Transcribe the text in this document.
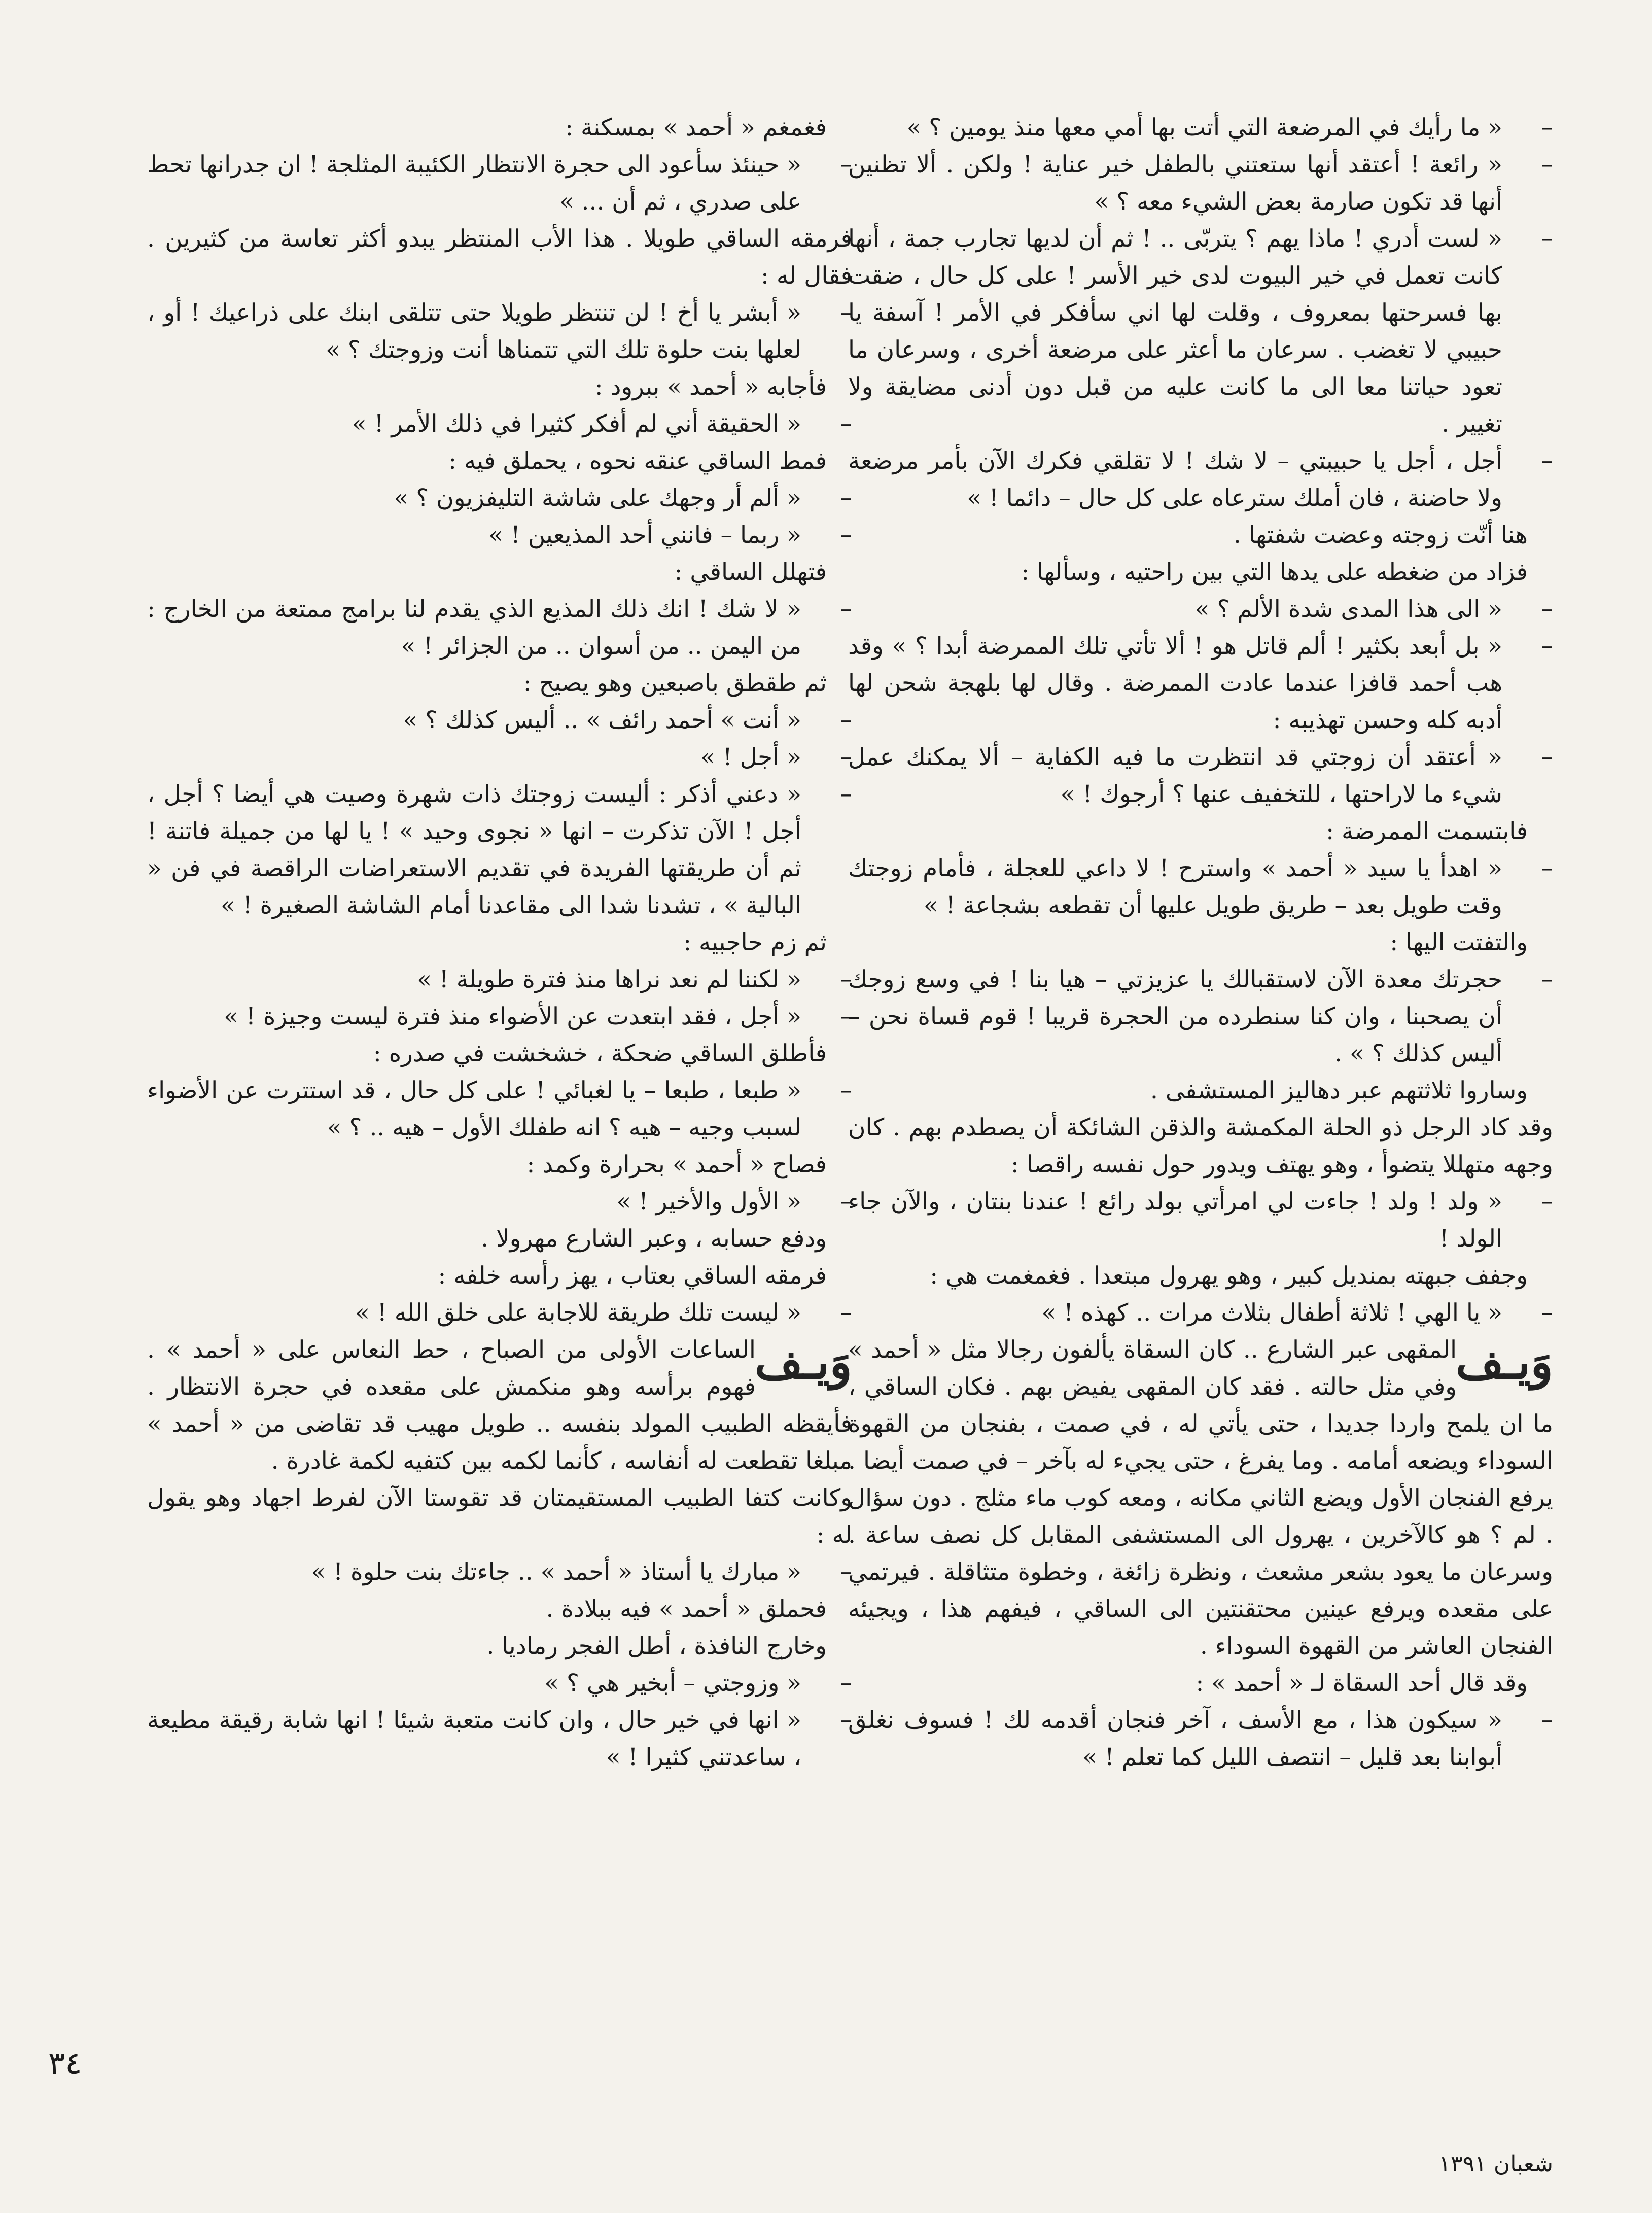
– « ما رأيك في المرضعة التي أتت بها أمي معها منذ يومين ؟ »
– « رائعة ! أعتقد أنها ستعتني بالطفل خير عناية ! ولكن . ألا تظنين أنها قد تكون صارمة بعض الشيء معه ؟ »
– « لست أدري ! ماذا يهم ؟ يتربّى .. ! ثم أن لديها تجارب جمة ، أنها كانت تعمل في خير البيوت لدى خير الأسر ! على كل حال ، ضقت بها فسرحتها بمعروف ، وقلت لها اني سأفكر في الأمر ! آسفة يا حبيبي لا تغضب . سرعان ما أعثر على مرضعة أخرى ، وسرعان ما تعود حياتنا معا الى ما كانت عليه من قبل دون أدنى مضايقة ولا تغيير .
– أجل ، أجل يا حبيبتي – لا شك ! لا تقلقي فكرك الآن بأمر مرضعة ولا حاضنة ، فان أملك سترعاه على كل حال – دائما ! »
هنا أنّت زوجته وعضت شفتها .
فزاد من ضغطه على يدها التي بين راحتيه ، وسألها :
– « الى هذا المدى شدة الألم ؟ »
– « بل أبعد بكثير ! ألم قاتل هو ! ألا تأتي تلك الممرضة أبدا ؟ » وقد هب أحمد قافزا عندما عادت الممرضة . وقال لها بلهجة شحن لها أدبه كله وحسن تهذيبه :
– « أعتقد أن زوجتي قد انتظرت ما فيه الكفاية – ألا يمكنك عمل شيء ما لاراحتها ، للتخفيف عنها ؟ أرجوك ! »
فابتسمت الممرضة :
– « اهدأ يا سيد « أحمد » واسترح ! لا داعي للعجلة ، فأمام زوجتك وقت طويل بعد – طريق طويل عليها أن تقطعه بشجاعة ! »
والتفتت اليها :
– حجرتك معدة الآن لاستقبالك يا عزيزتي – هيا بنا ! في وسع زوجك أن يصحبنا ، وان كنا سنطرده من الحجرة قريبا ! قوم قساة نحن – أليس كذلك ؟ » .
وساروا ثلاثتهم عبر دهاليز المستشفى .
وقد كاد الرجل ذو الحلة المكمشة والذقن الشائكة أن يصطدم بهم . كان وجهه متهللا يتضوأ ، وهو يهتف ويدور حول نفسه راقصا :
– « ولد ! ولد ! جاءت لي امرأتي بولد رائع ! عندنا بنتان ، والآن جاء الولد !
وجفف جبهته بمنديل كبير ، وهو يهرول مبتعدا . فغمغمت هي :
– « يا الهي ! ثلاثة أطفال بثلاث مرات .. كهذه ! »
وَيـف
المقهى عبر الشارع .. كان السقاة يألفون رجالا مثل « أحمد » وفي مثل حالته . فقد كان المقهى يفيض بهم . فكان الساقي ، ما ان يلمح واردا جديدا ، حتى يأتي له ، في صمت ، بفنجان من القهوة السوداء ويضعه أمامه . وما يفرغ ، حتى يجيء له بآخر – في صمت أيضا . يرفع الفنجان الأول ويضع الثاني مكانه ، ومعه كوب ماء مثلج . دون سؤال . لم ؟ هو كالآخرين ، يهرول الى المستشفى المقابل كل نصف ساعة . وسرعان ما يعود بشعر مشعث ، ونظرة زائغة ، وخطوة متثاقلة . فيرتمي على مقعده ويرفع عينين محتقنتين الى الساقي ، فيفهم هذا ، ويجيئه الفنجان العاشر من القهوة السوداء .
وقد قال أحد السقاة لـ « أحمد » :
– « سيكون هذا ، مع الأسف ، آخر فنجان أقدمه لك ! فسوف نغلق أبوابنا بعد قليل – انتصف الليل كما تعلم ! »
فغمغم « أحمد » بمسكنة :
– « حينئذ سأعود الى حجرة الانتظار الكئيبة المثلجة ! ان جدرانها تحط على صدري ، ثم أن ... »
فرمقه الساقي طويلا . هذا الأب المنتظر يبدو أكثر تعاسة من كثيرين . فقال له :
– « أبشر يا أخ ! لن تنتظر طويلا حتى تتلقى ابنك على ذراعيك ! أو ، لعلها بنت حلوة تلك التي تتمناها أنت وزوجتك ؟ »
فأجابه « أحمد » ببرود :
– « الحقيقة أني لم أفكر كثيرا في ذلك الأمر ! »
فمط الساقي عنقه نحوه ، يحملق فيه :
– « ألم أر وجهك على شاشة التليفزيون ؟ »
– « ربما – فانني أحد المذيعين ! »
فتهلل الساقي :
– « لا شك ! انك ذلك المذيع الذي يقدم لنا برامج ممتعة من الخارج : من اليمن .. من أسوان .. من الجزائر ! »
ثم طقطق باصبعين وهو يصيح :
– « أنت » أحمد رائف » .. أليس كذلك ؟ »
– « أجل ! »
– « دعني أذكر : أليست زوجتك ذات شهرة وصيت هي أيضا ؟ أجل ، أجل ! الآن تذكرت – انها « نجوى وحيد » ! يا لها من جميلة فاتنة ! ثم أن طريقتها الفريدة في تقديم الاستعراضات الراقصة في فن « البالية » ، تشدنا شدا الى مقاعدنا أمام الشاشة الصغيرة ! »
ثم زم حاجبيه :
– « لكننا لم نعد نراها منذ فترة طويلة ! »
– « أجل ، فقد ابتعدت عن الأضواء منذ فترة ليست وجيزة ! »
فأطلق الساقي ضحكة ، خشخشت في صدره :
– « طبعا ، طبعا – يا لغبائي ! على كل حال ، قد استترت عن الأضواء لسبب وجيه – هيه ؟ انه طفلك الأول – هيه .. ؟ »
فصاح « أحمد » بحرارة وكمد :
– « الأول والأخير ! »
ودفع حسابه ، وعبر الشارع مهرولا .
فرمقه الساقي بعتاب ، يهز رأسه خلفه :
– « ليست تلك طريقة للاجابة على خلق الله ! »
وَيـف
الساعات الأولى من الصباح ، حط النعاس على « أحمد » . فهوم برأسه وهو منكمش على مقعده في حجرة الانتظار . فأيقظه الطبيب المولد بنفسه .. طويل مهيب قد تقاضى من « أحمد » مبلغا تقطعت له أنفاسه ، كأنما لكمه بين كتفيه لكمة غادرة .
وكانت كتفا الطبيب المستقيمتان قد تقوستا الآن لفرط اجهاد وهو يقول له :
– « مبارك يا أستاذ « أحمد » .. جاءتك بنت حلوة ! »
فحملق « أحمد » فيه ببلادة .
وخارج النافذة ، أطل الفجر رماديا .
– « وزوجتي – أبخير هي ؟ »
– « انها في خير حال ، وان كانت متعبة شيئا ! انها شابة رقيقة مطيعة ، ساعدتني كثيرا ! »
٣٤
شعبان ١٣٩١
